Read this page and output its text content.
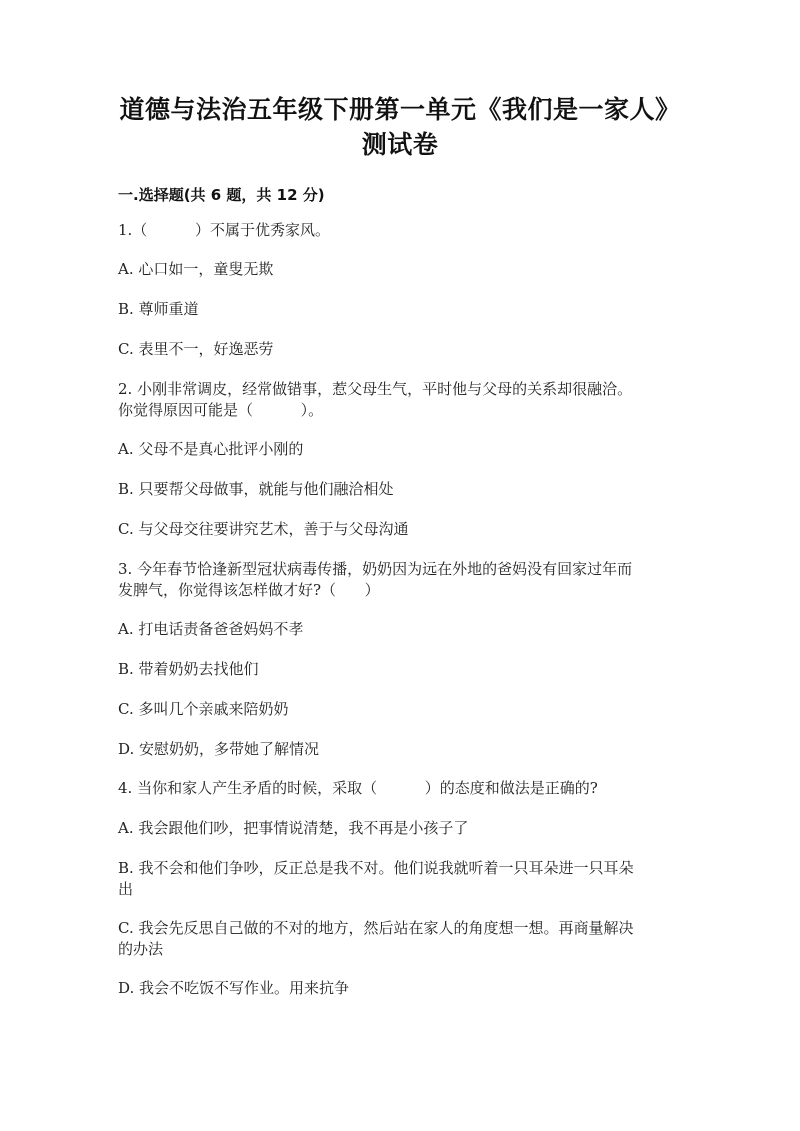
道德与法治五年级下册第一单元《我们是一家人》
测试卷
一.选择题(共 6 题，共 12 分)
1.（          ）不属于优秀家风。
A. 心口如一，童叟无欺
B. 尊师重道
C. 表里不一，好逸恶劳
2. 小刚非常调皮，经常做错事，惹父母生气，平时他与父母的关系却很融洽。
你觉得原因可能是（          ）。
A. 父母不是真心批评小刚的
B. 只要帮父母做事，就能与他们融洽相处
C. 与父母交往要讲究艺术，善于与父母沟通
3. 今年春节恰逢新型冠状病毒传播，奶奶因为远在外地的爸妈没有回家过年而
发脾气，你觉得该怎样做才好?（      ）
A. 打电话责备爸爸妈妈不孝
B. 带着奶奶去找他们
C. 多叫几个亲戚来陪奶奶
D. 安慰奶奶，多带她了解情况
4. 当你和家人产生矛盾的时候，采取（          ）的态度和做法是正确的?
A. 我会跟他们吵，把事情说清楚，我不再是小孩子了
B. 我不会和他们争吵，反正总是我不对。他们说我就听着一只耳朵进一只耳朵
出
C. 我会先反思自己做的不对的地方，然后站在家人的角度想一想。再商量解决
的办法
D. 我会不吃饭不写作业。用来抗争
